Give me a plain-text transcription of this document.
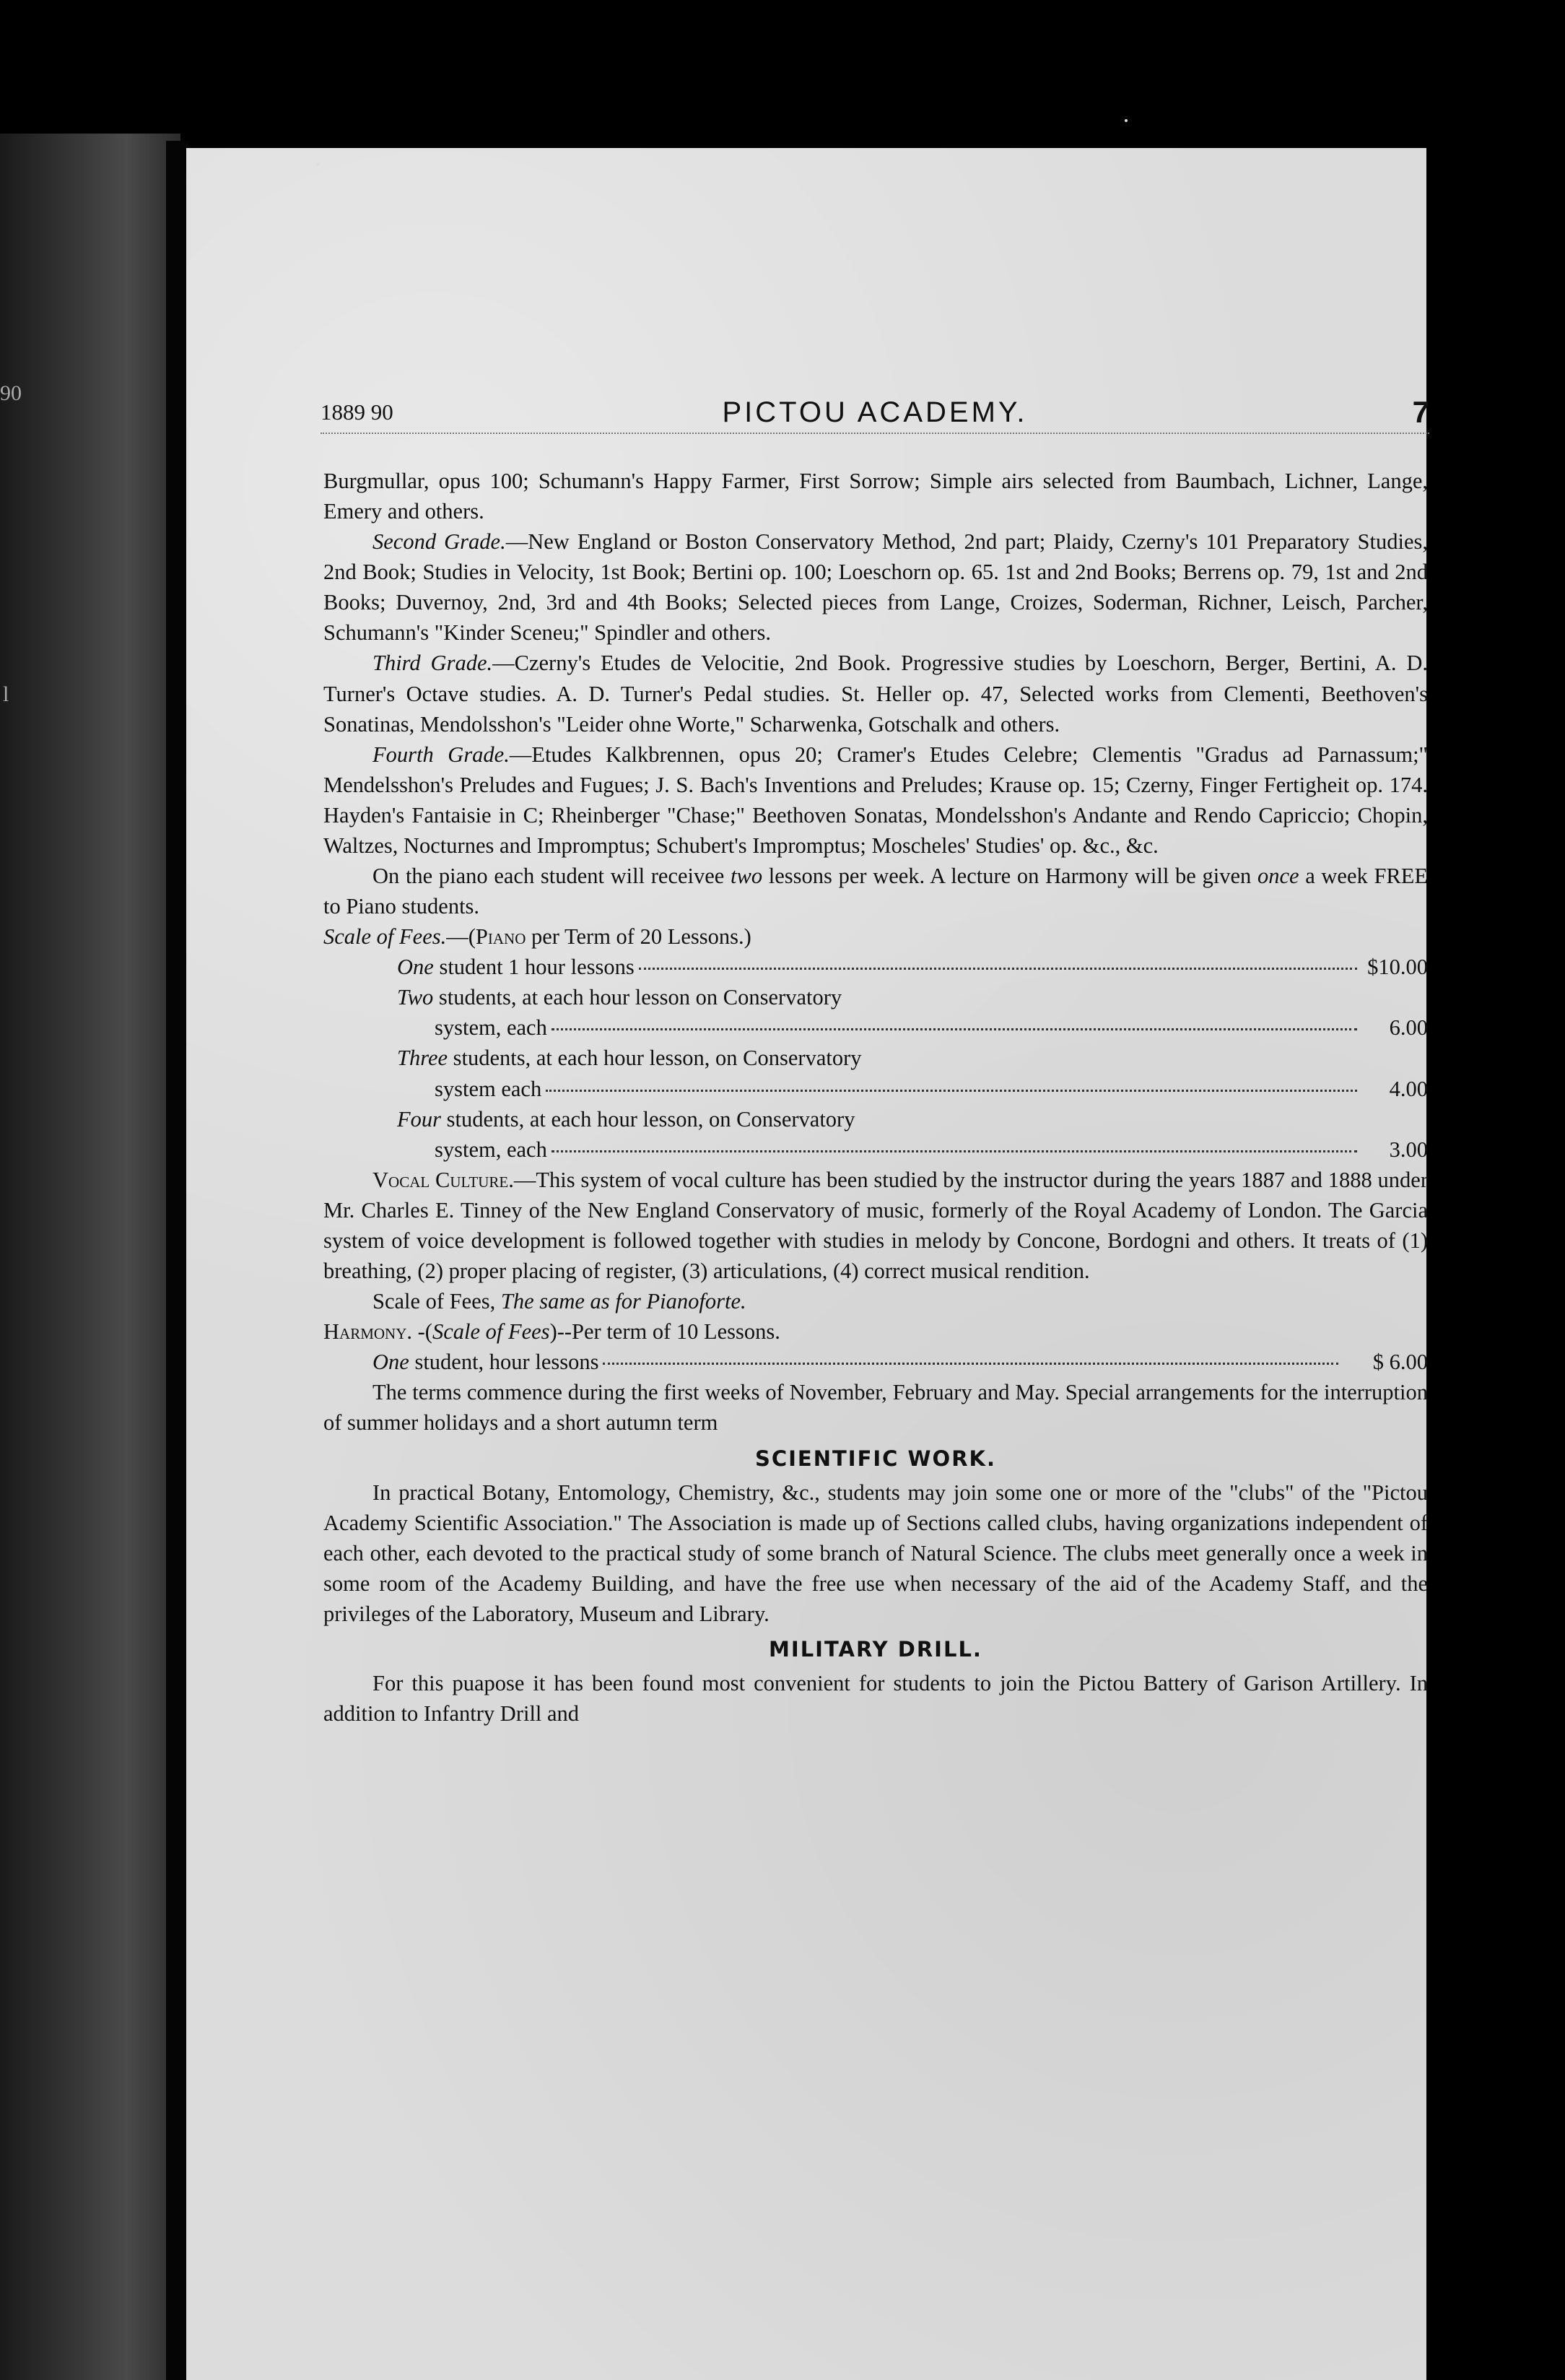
90
l
1889 90	PICTOU ACADEMY.	7

Burgmullar, opus 100; Schumann's Happy Farmer, First Sorrow; Simple airs selected from Baumbach, Lichner, Lange, Emery and others.

Second Grade.—New England or Boston Conservatory Method, 2nd part; Plaidy, Czerny's 101 Preparatory Studies, 2nd Book; Studies in Velocity, 1st Book; Bertini op. 100; Loeschorn op. 65. 1st and 2nd Books; Berrens op. 79, 1st and 2nd Books; Duvernoy, 2nd, 3rd and 4th Books; Selected pieces from Lange, Croizes, Soderman, Richner, Leisch, Parcher, Schumann's "Kinder Sceneu;" Spindler and others.

Third Grade.—Czerny's Etudes de Velocitie, 2nd Book. Progressive studies by Loeschorn, Berger, Bertini, A. D. Turner's Octave studies. A. D. Turner's Pedal studies. St. Heller op. 47, Selected works from Clementi, Beethoven's Sonatinas, Mendolsshon's "Leider ohne Worte," Scharwenka, Gotschalk and others.

Fourth Grade.—Etudes Kalkbrennen, opus 20; Cramer's Etudes Celebre; Clementis "Gradus ad Parnassum;" Mendelsshon's Preludes and Fugues; J. S. Bach's Inventions and Preludes; Krause op. 15; Czerny, Finger Fertigheit op. 174. Hayden's Fantaisie in C; Rheinberger "Chase;" Beethoven Sonatas, Mondelsshon's Andante and Rendo Capriccio; Chopin, Waltzes, Nocturnes and Impromptus; Schubert's Impromptus; Moscheles' Studies' op. &c., &c.

On the piano each student will receivee two lessons per week. A lecture on Harmony will be given once a week FREE to Piano students.

Scale of Fees.—(Piano per Term of 20 Lessons.)

One student 1 hour lessons	$10.00
Two students, at each hour lesson on Conservatory
system, each	6.00
Three students, at each hour lesson, on Conservatory
system each	4.00
Four students, at each hour lesson, on Conservatory
system, each	3.00

Vocal Culture.—This system of vocal culture has been studied by the instructor during the years 1887 and 1888 under Mr. Charles E. Tinney of the New England Conservatory of music, formerly of the Royal Academy of London. The Garcia system of voice development is followed together with studies in melody by Concone, Bordogni and others. It treats of (1) breathing, (2) proper placing of register, (3) articulations, (4) correct musical rendition.

Scale of Fees, The same as for Pianoforte.

Harmony. -(Scale of Fees)--Per term of 10 Lessons.

One student, hour lessons	$ 6.00

The terms commence during the first weeks of November, February and May. Special arrangements for the interruption of summer holidays and a short autumn term

SCIENTIFIC WORK.

In practical Botany, Entomology, Chemistry, &c., students may join some one or more of the "clubs" of the "Pictou Academy Scientific Association." The Association is made up of Sections called clubs, having organizations independent of each other, each devoted to the practical study of some branch of Natural Science. The clubs meet generally once a week in some room of the Academy Building, and have the free use when necessary of the aid of the Academy Staff, and the privileges of the Laboratory, Museum and Library.

MILITARY DRILL.

For this puapose it has been found most convenient for students to join the Pictou Battery of Garison Artillery. In addition to Infantry Drill and
